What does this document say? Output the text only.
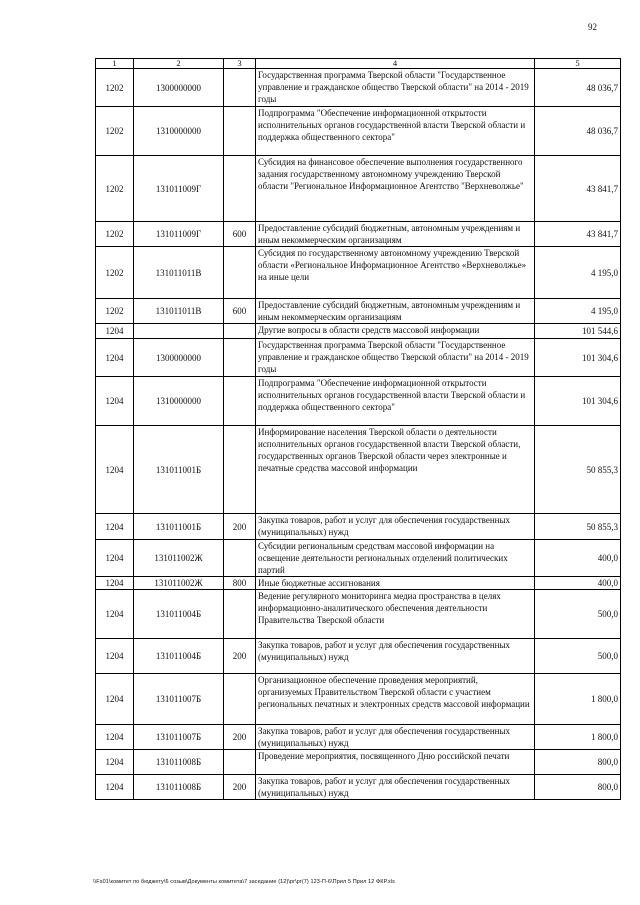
92
1	2	3	4	5
1202	1300000000		Государственная программа Тверской области "Государственное управление и гражданское общество Тверской области" на 2014 - 2019 годы	48 036,7
1202	1310000000		Подпрограмма "Обеспечение информационной открытости исполнительных органов государственной власти Тверской области и поддержка общественного сектора"	48 036,7
1202	131011009Г		Субсидия на финансовое обеспечение выполнения государственного задания государственному автономному учреждению Тверской области "Региональное Информационное Агентство "Верхневолжье"	43 841,7
1202	131011009Г	600	Предоставление субсидий бюджетным, автономным учреждениям и иным некоммерческим организациям	43 841,7
1202	131011011В		Субсидия по государственному автономному учреждению Тверской области «Региональное Информационное Агентство «Верхневолжье» на иные цели	4 195,0
1202	131011011В	600	Предоставление субсидий бюджетным, автономным учреждениям и иным некоммерческим организациям	4 195,0
1204			Другие вопросы в области средств массовой информации	101 544,6
1204	1300000000		Государственная программа Тверской области "Государственное управление и гражданское общество Тверской области" на 2014 - 2019 годы	101 304,6
1204	1310000000		Подпрограмма "Обеспечение информационной открытости исполнительных органов государственной власти Тверской области и поддержка общественного сектора"	101 304,6
1204	131011001Б		Информирование населения Тверской области о деятельности исполнительных органов государственной власти Тверской области, государственных органов Тверской области через электронные и печатные средства массовой информации	50 855,3
1204	131011001Б	200	Закупка товаров, работ и услуг для обеспечения государственных (муниципальных) нужд	50 855,3
1204	131011002Ж		Субсидии региональным средствам массовой информации на освещение деятельности региональных отделений политических партий	400,0
1204	131011002Ж	800	Иные бюджетные ассигнования	400,0
1204	131011004Б		Ведение регулярного мониторинга медиа пространства в целях информационно-аналитического обеспечения деятельности Правительства Тверской области	500,0
1204	131011004Б	200	Закупка товаров, работ и услуг для обеспечения государственных (муниципальных) нужд	500,0
1204	131011007Б		Организационное обеспечение проведения мероприятий, организуемых Правительством Тверской области с участием региональных печатных и электронных средств массовой информации	1 800,0
1204	131011007Б	200	Закупка товаров, работ и услуг для обеспечения государственных (муниципальных) нужд	1 800,0
1204	131011008Б		Проведение мероприятия, посвященного Дню российской печати	800,0
1204	131011008Б	200	Закупка товаров, работ и услуг для обеспечения государственных (муниципальных) нужд	800,0
\\Fs01\комитет по бюджету\6 созыв\Документы комитета\7 заседание (12)\pr\pr(7) 123-П-6\Прил 5 Прил 12 ФКР.xls
